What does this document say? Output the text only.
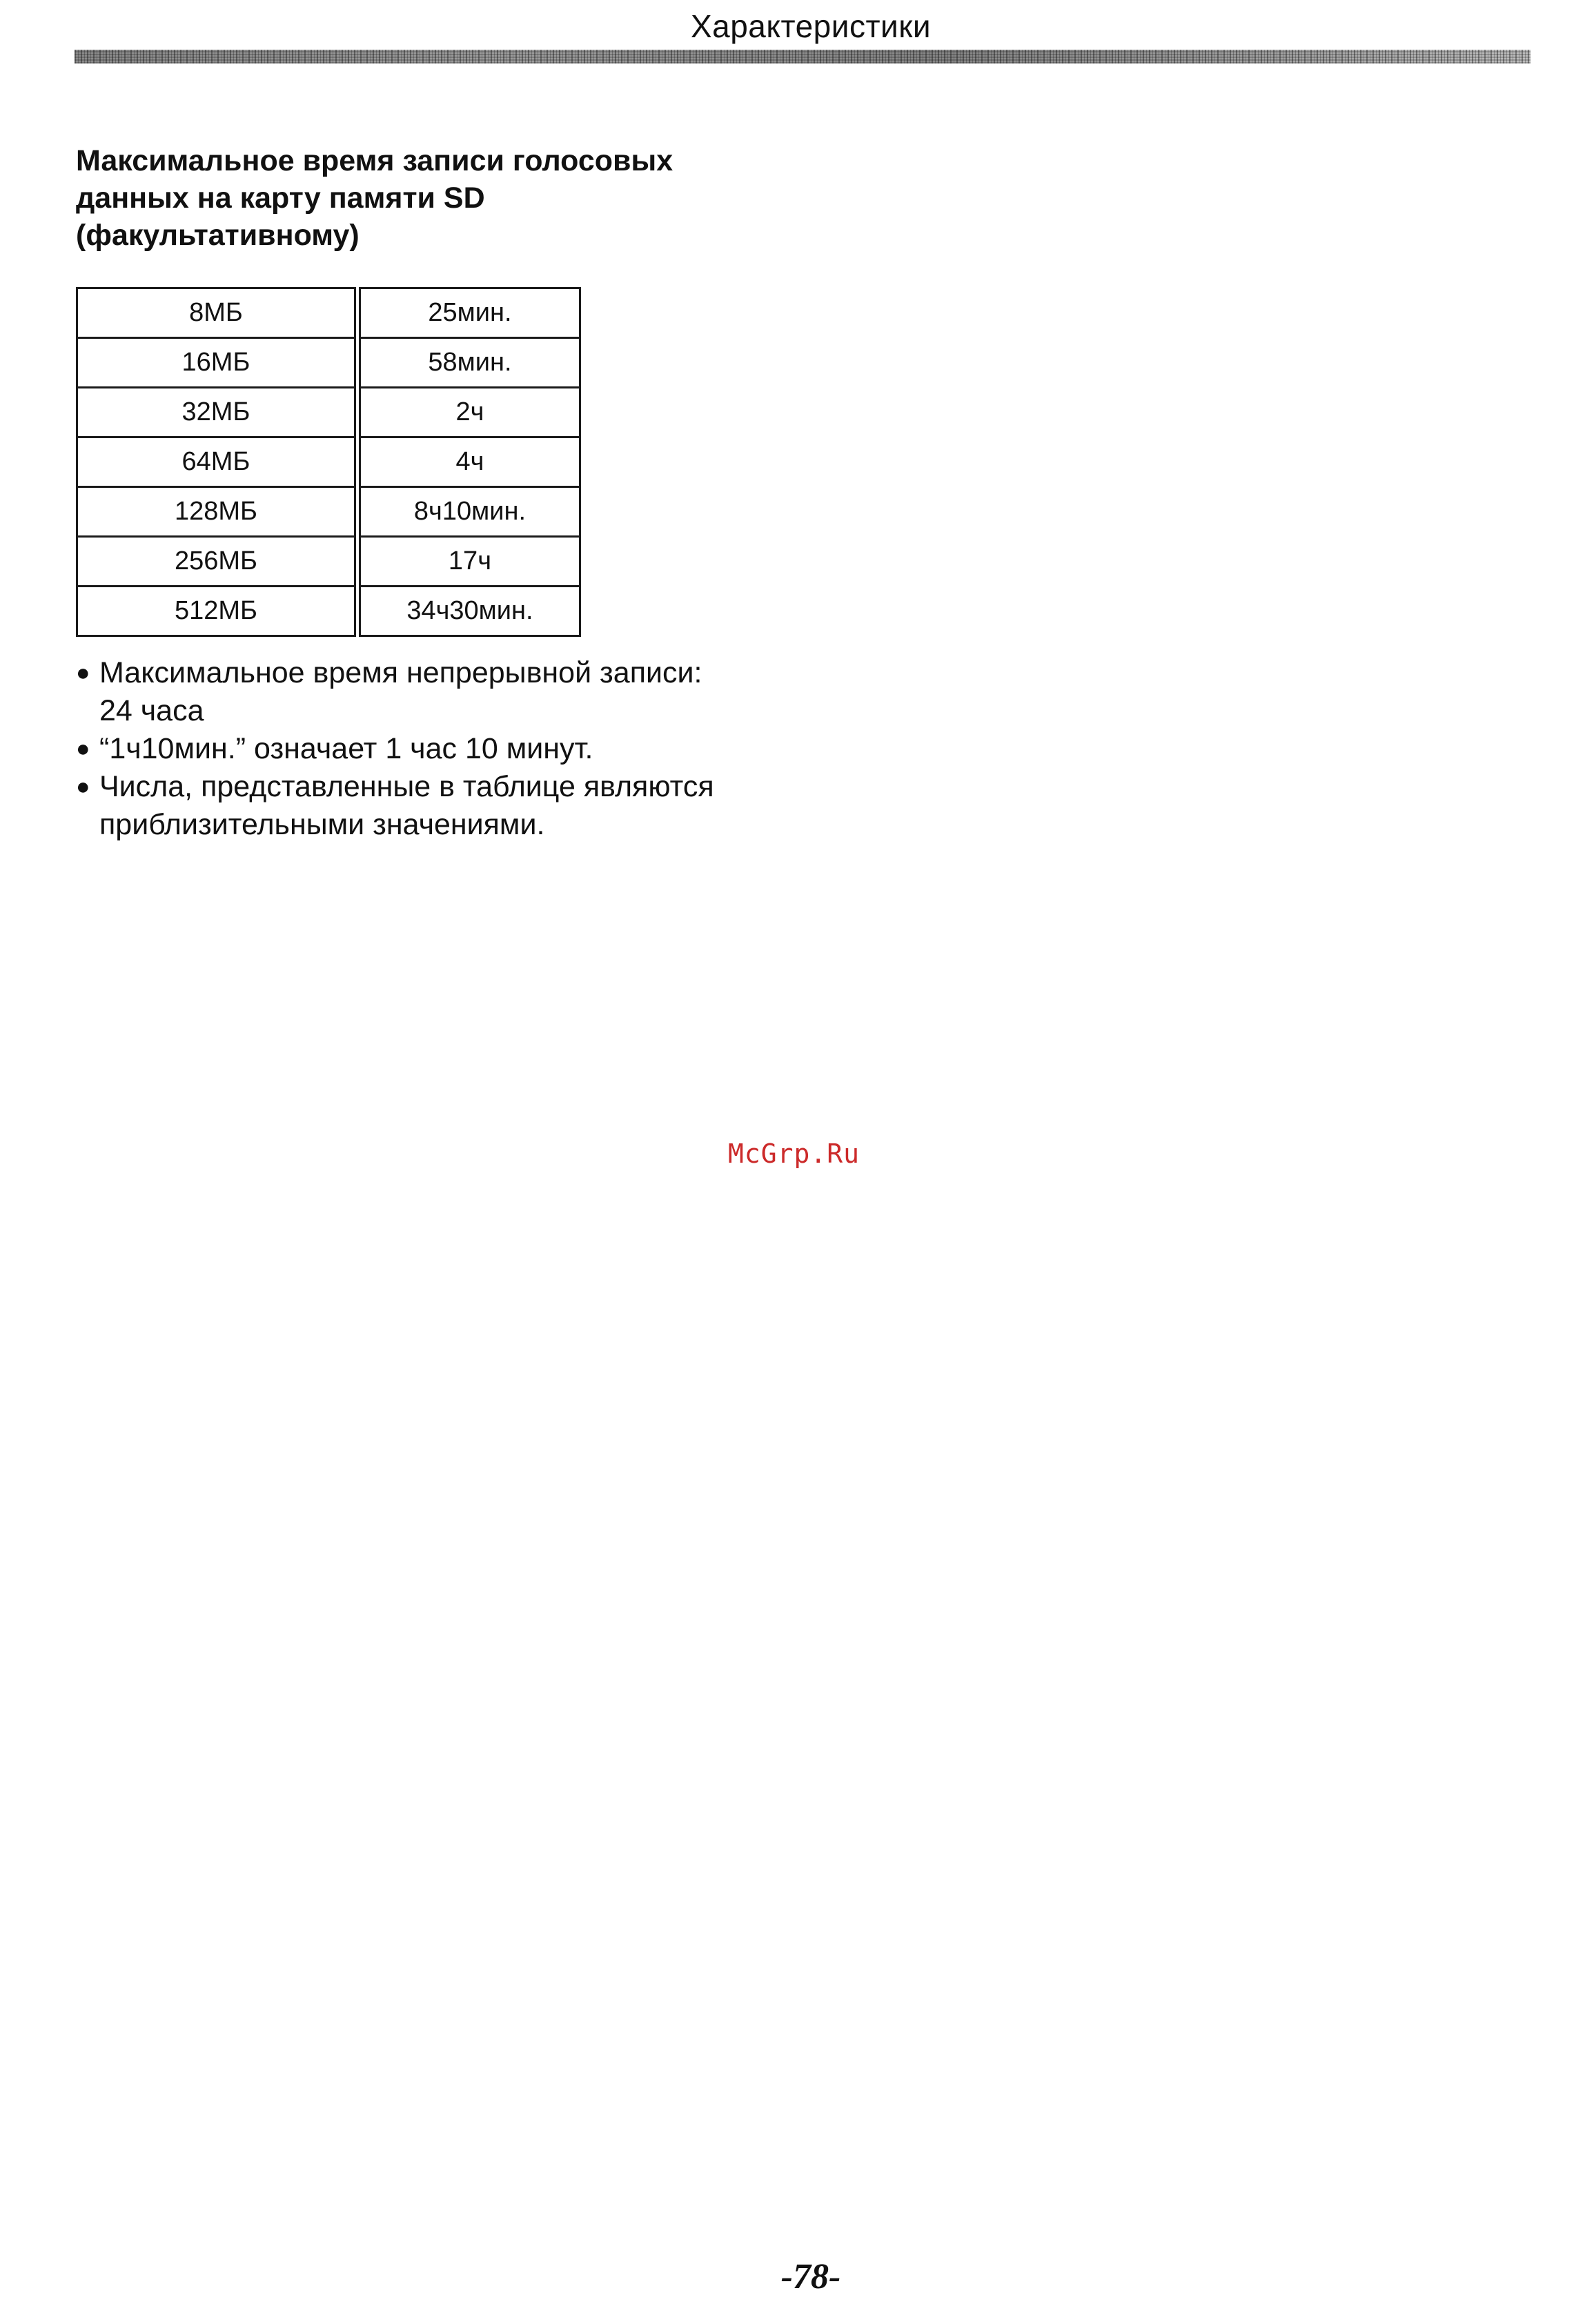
Характеристики
Максимальное время записи голосовых
данных на карту памяти SD
(факультативному)
8МБ	25мин.
16МБ	58мин.
32МБ	2ч
64МБ	4ч
128МБ	8ч10мин.
256МБ	17ч
512МБ	34ч30мин.
● Максимальное время непрерывной записи:
24 часа
● “1ч10мин.” означает 1 час 10 минут.
● Числа, представленные в таблице являются
приблизительными значениями.
McGrp.Ru
-78-
